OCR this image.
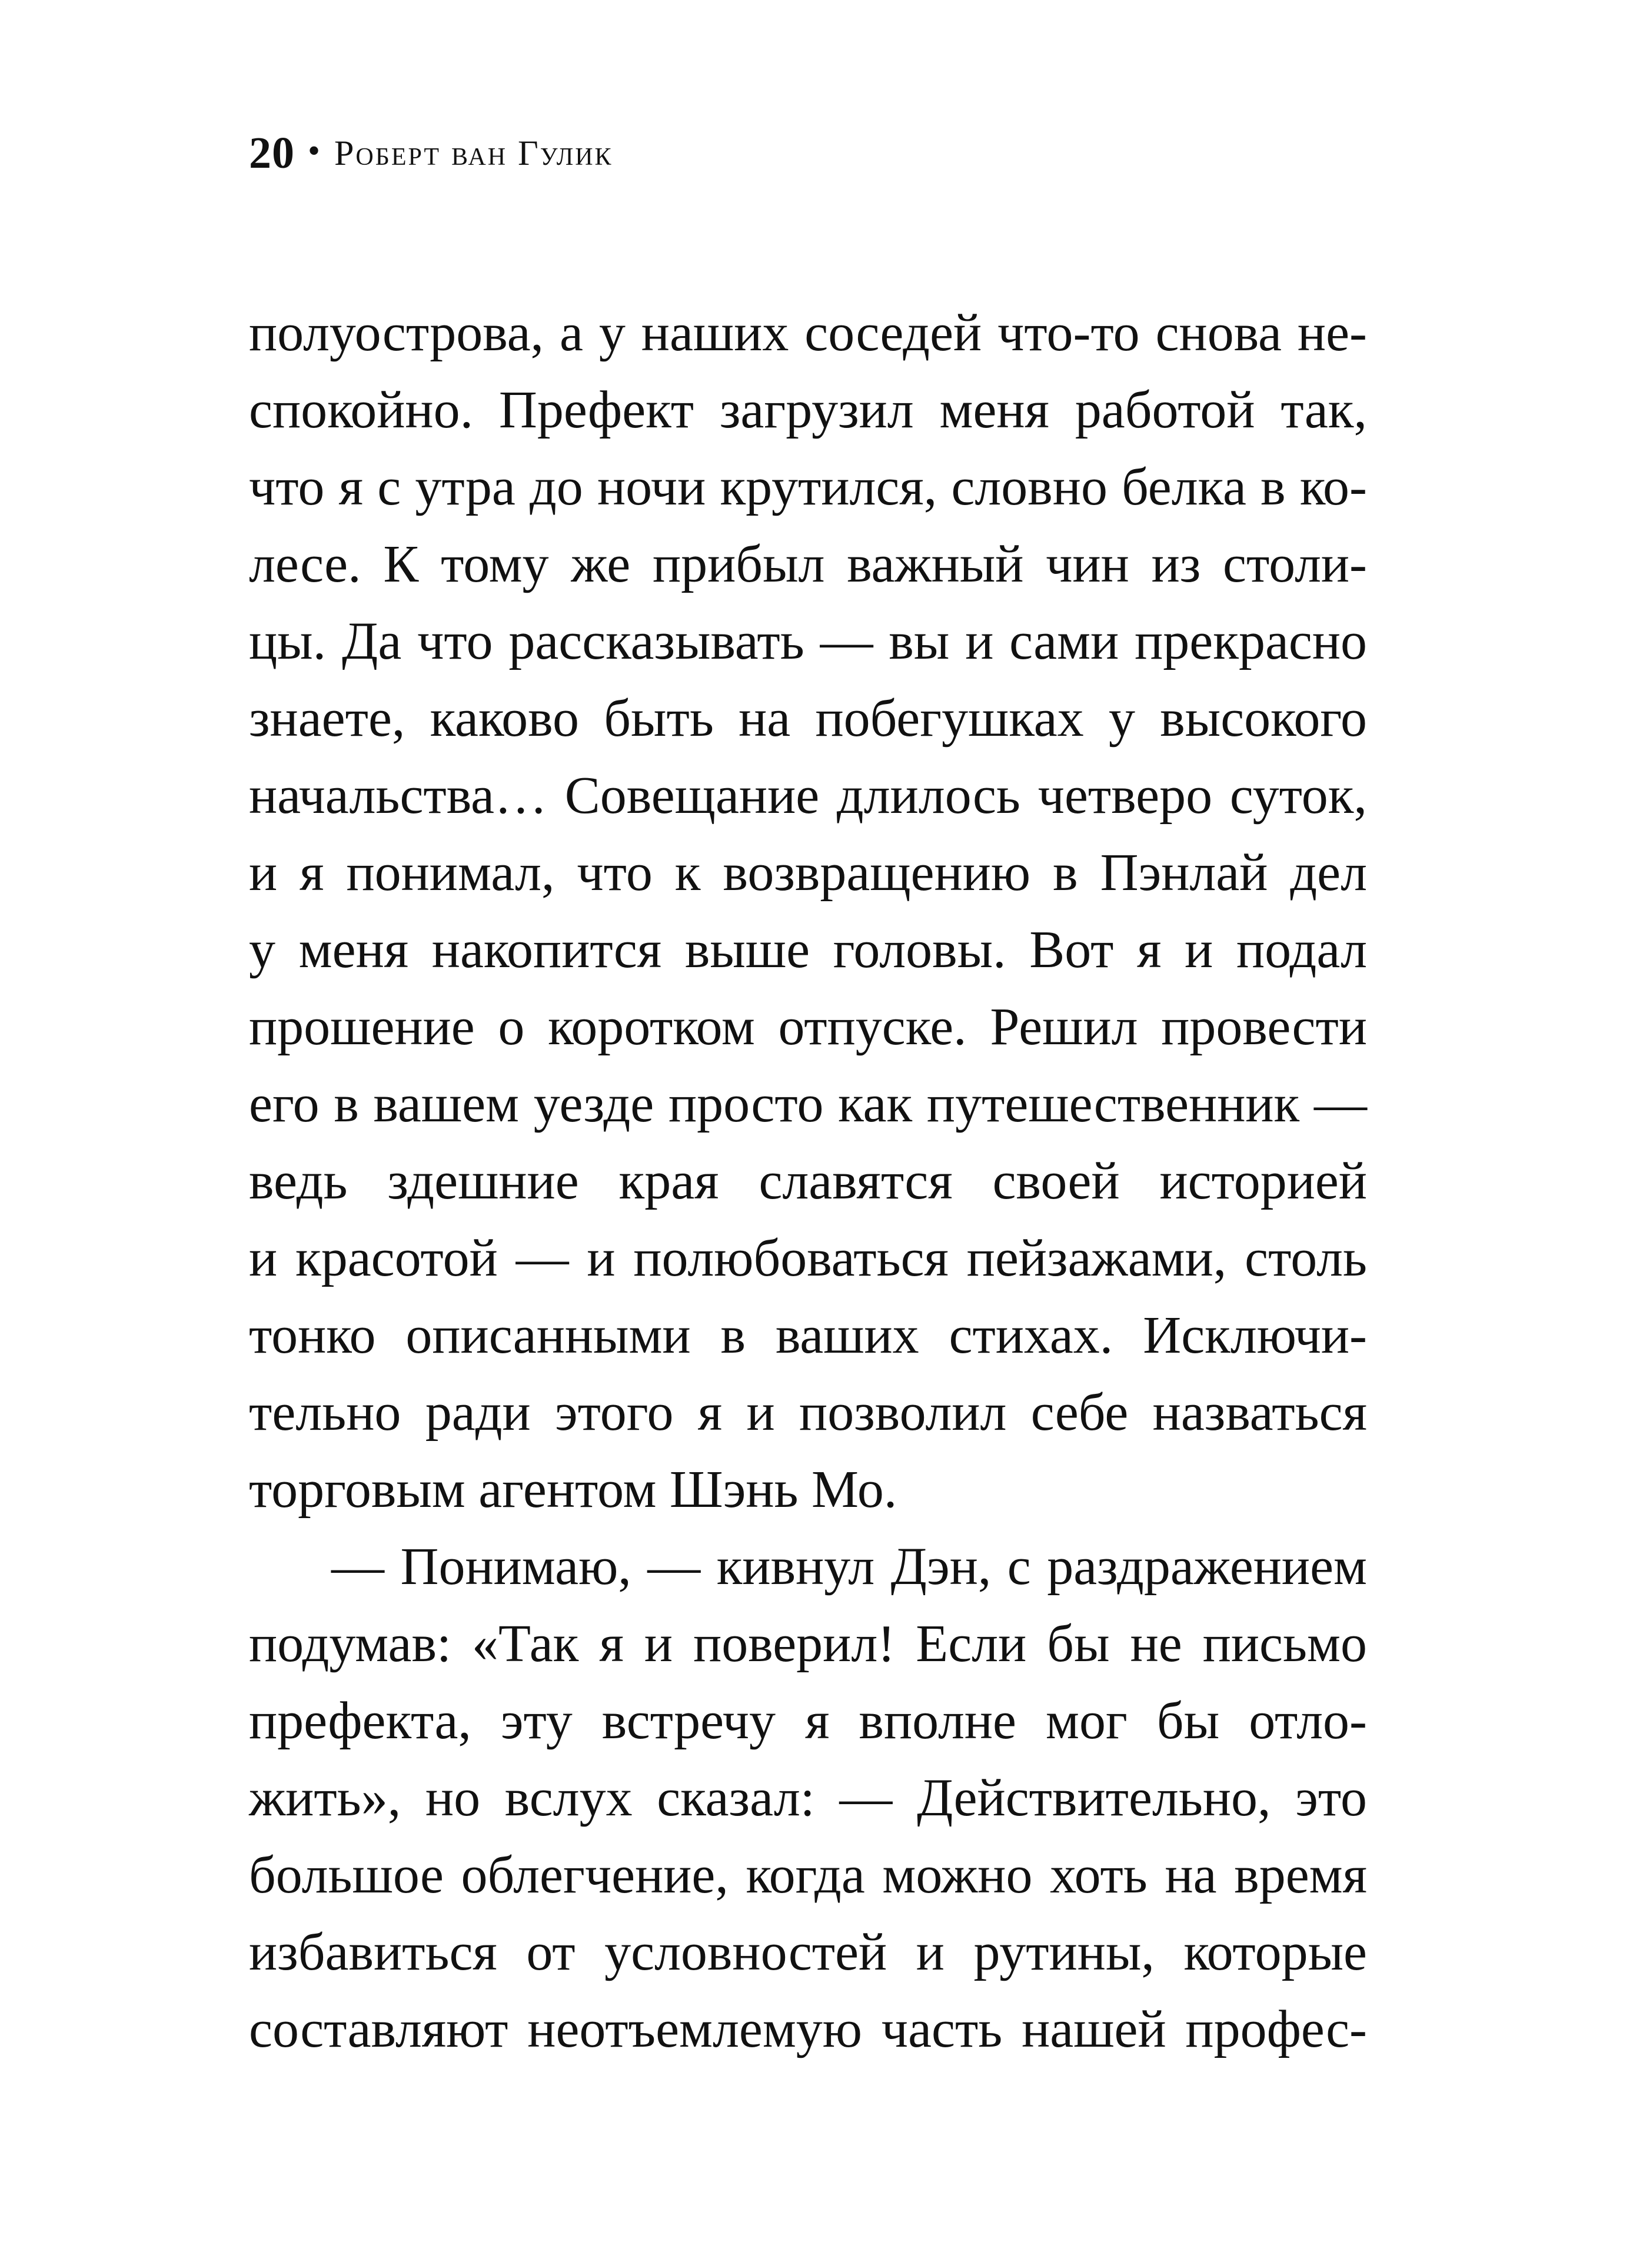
20 • Роберт ван Гулик
полуострова, а у наших соседей что-то снова не-
спокойно. Префект загрузил меня работой так,
что я с утра до ночи крутился, словно белка в ко-
лесе. К тому же прибыл важный чин из столи-
цы. Да что рассказывать — вы и сами прекрасно
знаете, каково быть на побегушках у высокого
начальства… Совещание длилось четверо суток,
и я понимал, что к возвращению в Пэнлай дел
у меня накопится выше головы. Вот я и подал
прошение о коротком отпуске. Решил провести
его в вашем уезде просто как путешественник —
ведь здешние края славятся своей историей
и красотой — и полюбоваться пейзажами, столь
тонко описанными в ваших стихах. Исключи-
тельно ради этого я и позволил себе назваться
торговым агентом Шэнь Мо.
— Понимаю, — кивнул Дэн, с раздражением
подумав: «Так я и поверил! Если бы не письмо
префекта, эту встречу я вполне мог бы отло-
жить», но вслух сказал: — Действительно, это
большое облегчение, когда можно хоть на время
избавиться от условностей и рутины, которые
составляют неотъемлемую часть нашей профес-
